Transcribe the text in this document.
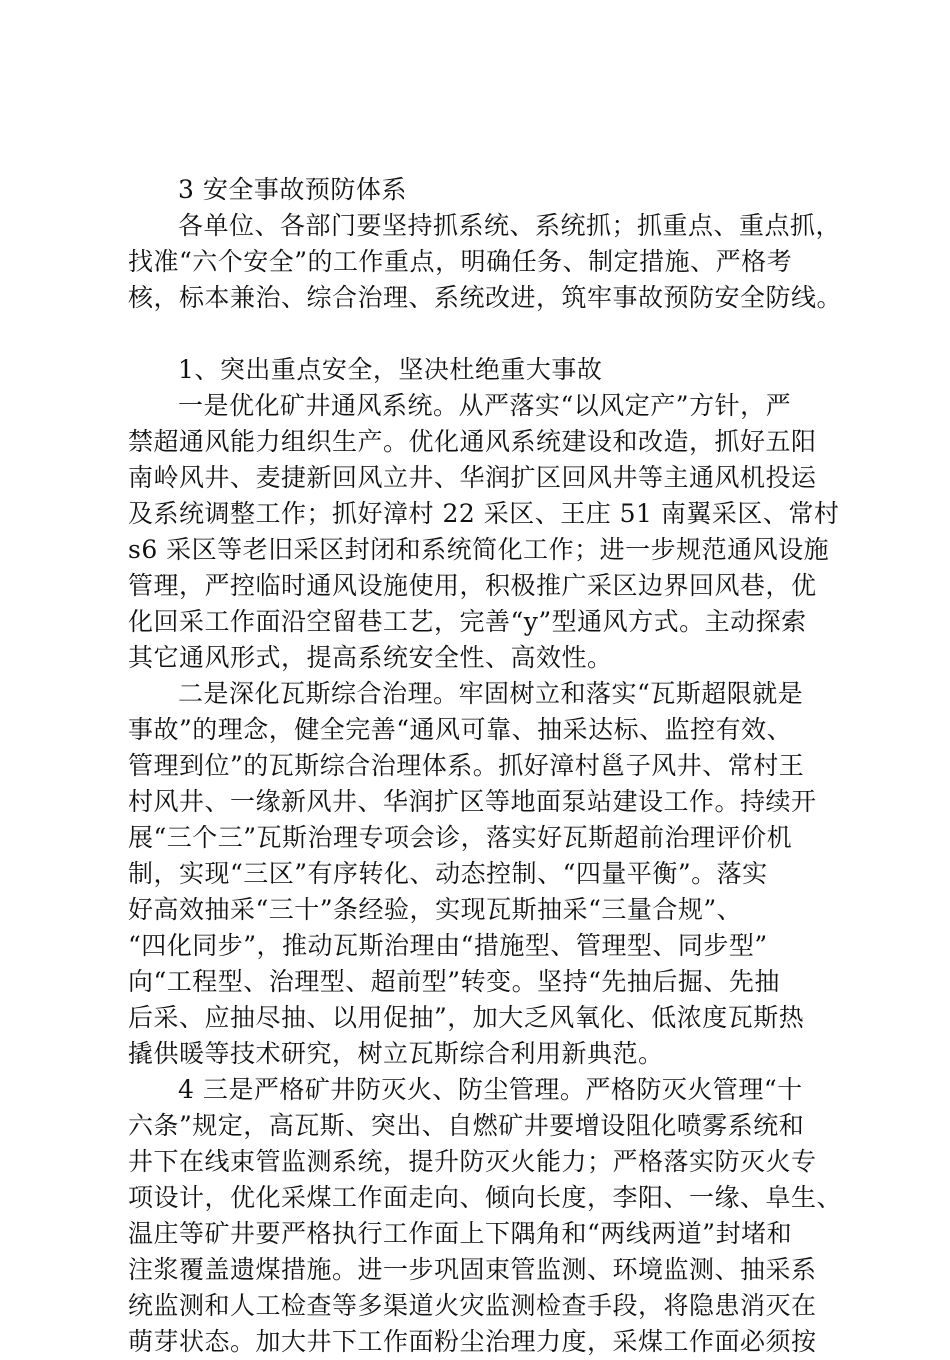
3 安全事故预防体系
各单位、各部门要坚持抓系统、系统抓；抓重点、重点抓，
找准“六个安全”的工作重点，明确任务、制定措施、严格考
核，标本兼治、综合治理、系统改进，筑牢事故预防安全防线。
1、突出重点安全，坚决杜绝重大事故
一是优化矿井通风系统。从严落实“以风定产”方针，严
禁超通风能力组织生产。优化通风系统建设和改造，抓好五阳
南岭风井、麦捷新回风立井、华润扩区回风井等主通风机投运
及系统调整工作；抓好漳村 22 采区、王庄 51 南翼采区、常村
s6 采区等老旧采区封闭和系统简化工作；进一步规范通风设施
管理，严控临时通风设施使用，积极推广采区边界回风巷，优
化回采工作面沿空留巷工艺，完善“y”型通风方式。主动探索
其它通风形式，提高系统安全性、高效性。
二是深化瓦斯综合治理。牢固树立和落实“瓦斯超限就是
事故”的理念，健全完善“通风可靠、抽采达标、监控有效、
管理到位”的瓦斯综合治理体系。抓好漳村邕子风井、常村王
村风井、一缘新风井、华润扩区等地面泵站建设工作。持续开
展“三个三”瓦斯治理专项会诊，落实好瓦斯超前治理评价机
制，实现“三区”有序转化、动态控制、“四量平衡”。落实
好高效抽采“三十”条经验，实现瓦斯抽采“三量合规”、
“四化同步”，推动瓦斯治理由“措施型、管理型、同步型”
向“工程型、治理型、超前型”转变。坚持“先抽后掘、先抽
后采、应抽尽抽、以用促抽”，加大乏风氧化、低浓度瓦斯热
撬供暖等技术研究，树立瓦斯综合利用新典范。
4 三是严格矿井防灭火、防尘管理。严格防灭火管理“十
六条”规定，高瓦斯、突出、自燃矿井要增设阻化喷雾系统和
井下在线束管监测系统，提升防灭火能力；严格落实防灭火专
项设计，优化采煤工作面走向、倾向长度，李阳、一缘、阜生、
温庄等矿井要严格执行工作面上下隅角和“两线两道”封堵和
注浆覆盖遗煤措施。进一步巩固束管监测、环境监测、抽采系
统监测和人工检查等多渠道火灾监测检查手段，将隐患消灭在
萌芽状态。加大井下工作面粉尘治理力度，采煤工作面必须按
